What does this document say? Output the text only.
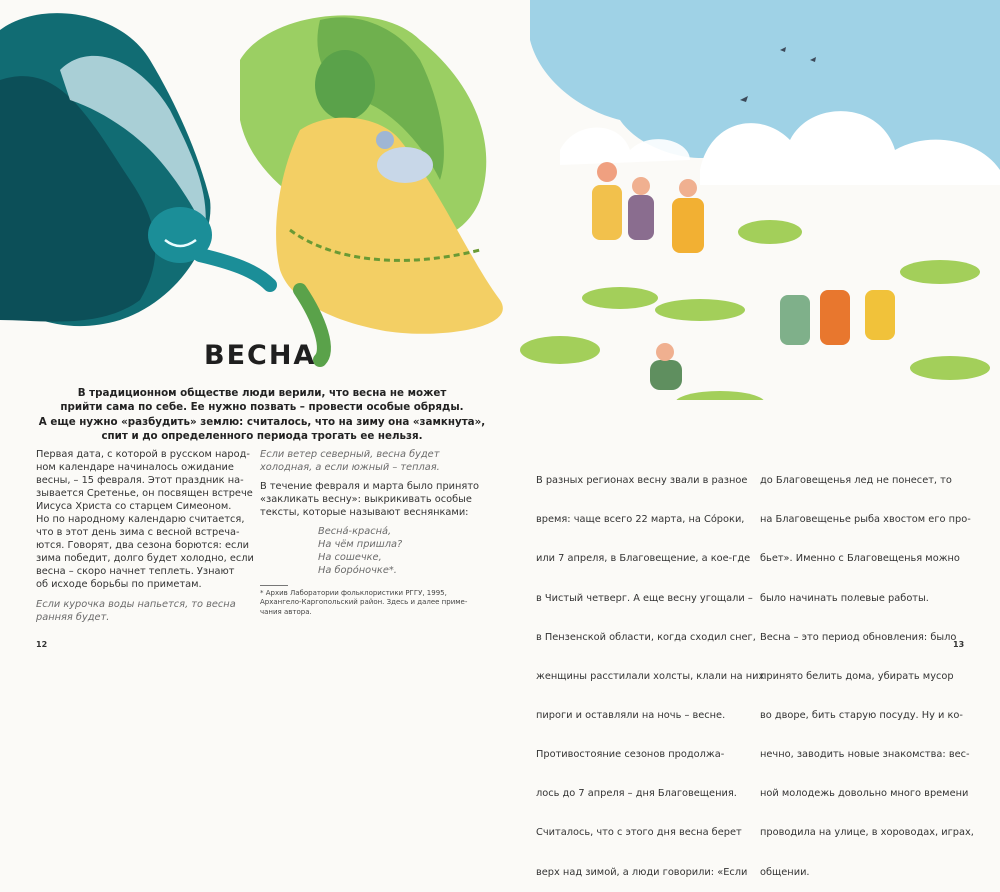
ВЕСНА
В традиционном обществе люди верили, что весна не может
прийти сама по себе. Ее нужно позвать – провести особые обряды.
А еще нужно «разбудить» землю: считалось, что на зиму она «замкнута»,
спит и до определенного периода трогать ее нельзя.
Первая дата, с которой в русском народ-
ном календаре начиналось ожидание
весны, – 15 февраля. Этот праздник на-
зывается Сретенье, он посвящен встрече
Иисуса Христа со старцем Симеоном.
Но по народному календарю считается,
что в этот день зима с весной встреча-
ются. Говорят, два сезона борются: если
зима победит, долго будет холодно, если
весна – скоро начнет теплеть. Узнают
об исходе борьбы по приметам.
Если курочка воды напьется, то весна
ранняя будет.
Если ветер северный, весна будет
холодная, а если южный – теплая.
В течение февраля и марта было принято
«закликать весну»: выкрикивать особые
тексты, которые называют веснянками:
Весна́-красна́,
На чём пришла?
На сошечке,
На боро́ночке*.
* Архив Лаборатории фольклористики РГГУ, 1995,
Архангело-Каргопольский район. Здесь и далее приме-
чания автора.

В разных регионах весну звали в разное

время: чаще всего 22 марта, на Со́роки,

или 7 апреля, в Благовещение, а кое-где

в Чистый четверг. А еще весну угощали –

в Пензенской области, когда сходил снег,

женщины расстилали холсты, клали на них

пироги и оставляли на ночь – весне.

Противостояние сезонов продолжа-

лось до 7 апреля – дня Благовещения.

Считалось, что с этого дня весна берет

верх над зимой, а люди говорили: «Если

до Благовещенья лед не понесет, то

на Благовещенье рыба хвостом его про-

бьет». Именно с Благовещенья можно

было начинать полевые работы.

Весна – это период обновления: было

принято белить дома, убирать мусор

во дворе, бить старую посуду. Ну и ко-

нечно, заводить новые знакомства: вес-

ной молодежь довольно много времени

проводила на улице, в хороводах, играх,

общении.

12	13
